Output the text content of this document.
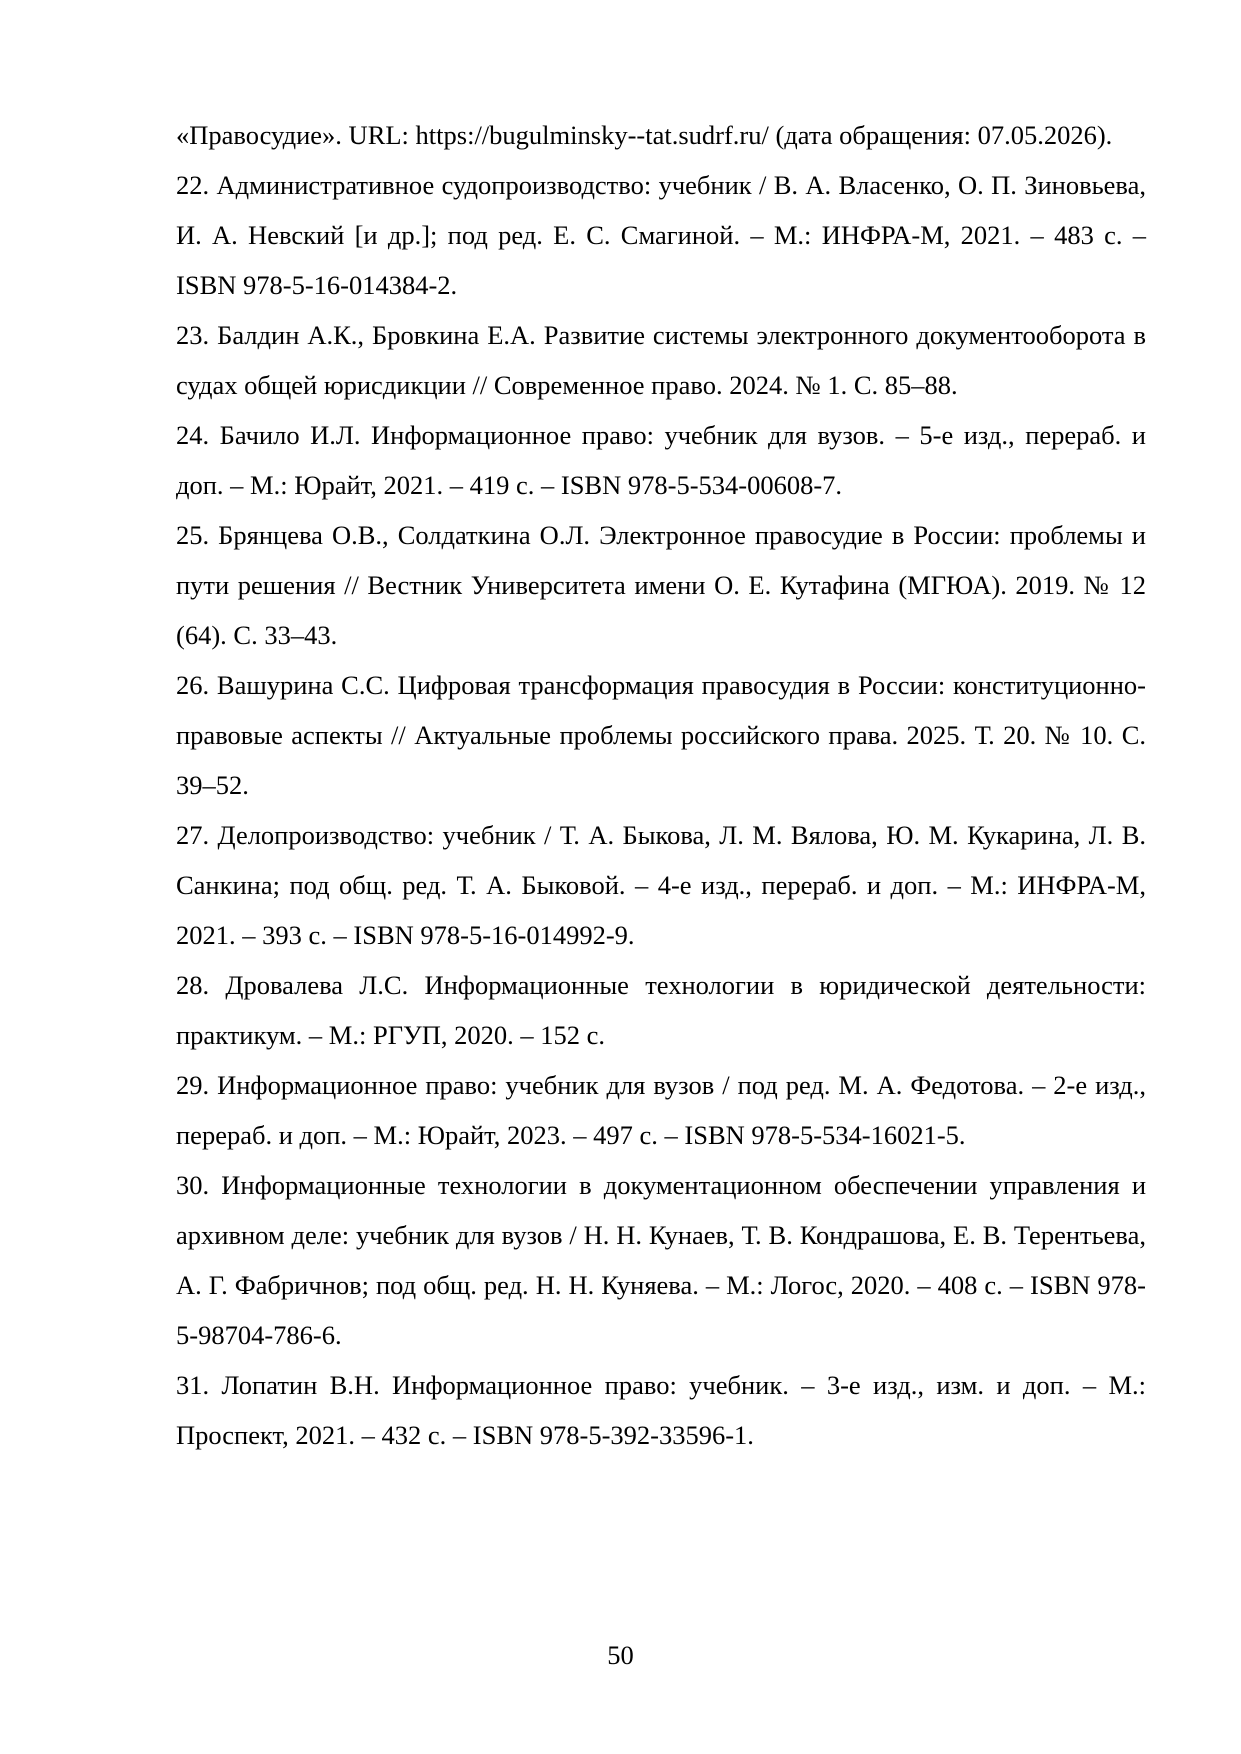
«Правосудие». URL: https://bugulminsky--tat.sudrf.ru/ (дата обращения: 07.05.2026).

22. Административное судопроизводство: учебник / В. А. Власенко, О. П. Зиновьева, И. А. Невский [и др.]; под ред. Е. С. Смагиной. – М.: ИНФРА-М, 2021. – 483 с. – ISBN 978-5-16-014384-2.

23. Балдин А.К., Бровкина Е.А. Развитие системы электронного документооборота в судах общей юрисдикции // Современное право. 2024. № 1. С. 85–88.

24. Бачило И.Л. Информационное право: учебник для вузов. – 5-е изд., перераб. и доп. – М.: Юрайт, 2021. – 419 с. – ISBN 978-5-534-00608-7.

25. Брянцева О.В., Солдаткина О.Л. Электронное правосудие в России: проблемы и пути решения // Вестник Университета имени О. Е. Кутафина (МГЮА). 2019. № 12 (64). С. 33–43.

26. Вашурина С.С. Цифровая трансформация правосудия в России: конституционно-правовые аспекты // Актуальные проблемы российского права. 2025. Т. 20. № 10. С. 39–52.

27. Делопроизводство: учебник / Т. А. Быкова, Л. М. Вялова, Ю. М. Кукарина, Л. В. Санкина; под общ. ред. Т. А. Быковой. – 4-е изд., перераб. и доп. – М.: ИНФРА-М, 2021. – 393 с. – ISBN 978-5-16-014992-9.

28. Дровалева Л.С. Информационные технологии в юридической деятельности: практикум. – М.: РГУП, 2020. – 152 с.

29. Информационное право: учебник для вузов / под ред. М. А. Федотова. – 2-е изд., перераб. и доп. – М.: Юрайт, 2023. – 497 с. – ISBN 978-5-534-16021-5.

30. Информационные технологии в документационном обеспечении управления и архивном деле: учебник для вузов / Н. Н. Кунаев, Т. В. Кондрашова, Е. В. Терентьева, А. Г. Фабричнов; под общ. ред. Н. Н. Куняева. – М.: Логос, 2020. – 408 с. – ISBN 978-5-98704-786-6.

31. Лопатин В.Н. Информационное право: учебник. – 3-е изд., изм. и доп. – М.: Проспект, 2021. – 432 с. – ISBN 978-5-392-33596-1.

50
